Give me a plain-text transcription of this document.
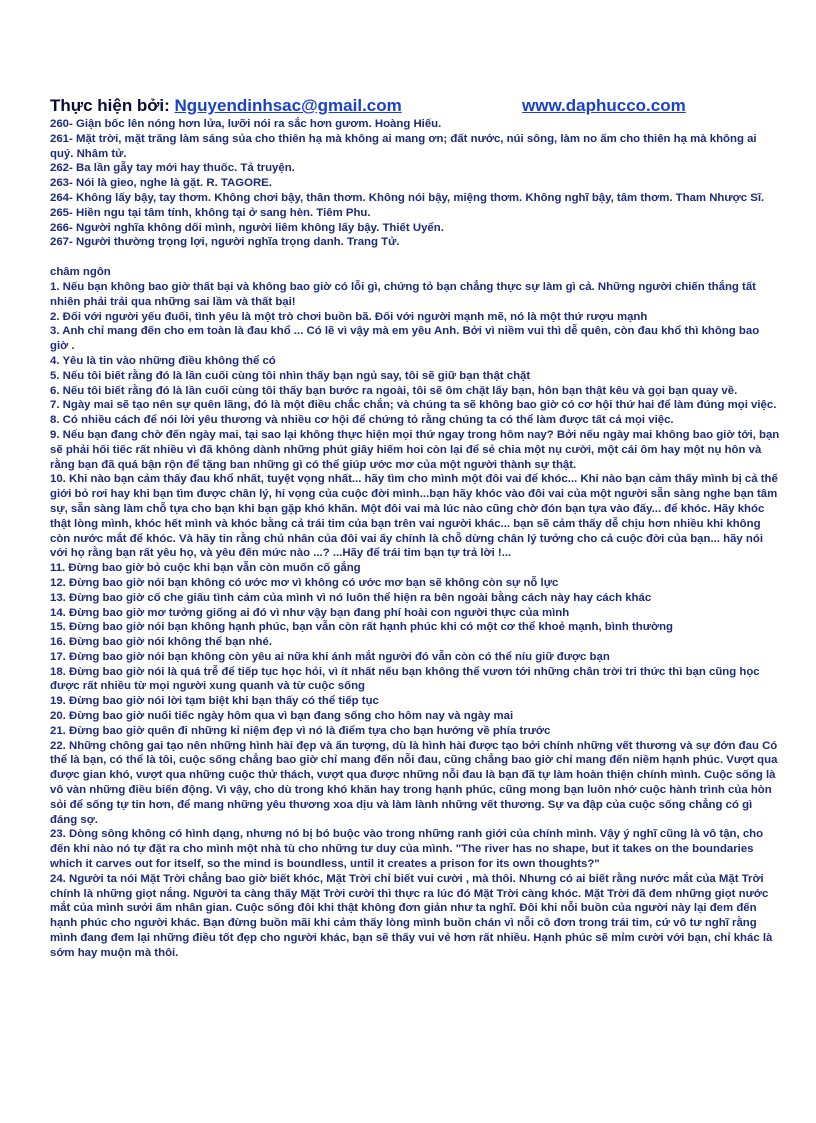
Thực hiện bởi: Nguyendinhsac@gmail.com	www.daphucco.com
260- Giận bốc lên nóng hơn lửa, lưỡi nói ra sắc hơn gươm. Hoàng Hiếu.
261- Mặt trời, mặt trăng làm sáng sủa cho thiên hạ mà không ai mang ơn; đất nước, núi sông, làm no ấm cho thiên hạ mà không ai quý. Nhâm tử.
262- Ba lần gẫy tay mới hay thuốc. Tả truyện.
263- Nói là gieo, nghe là gặt. R. TAGORE.
264- Không lấy bậy, tay thơm. Không chơi bậy, thân thơm. Không nói bậy, miệng thơm. Không nghĩ bậy, tâm thơm. Tham Nhược Sĩ.
265- Hiền ngu tại tâm tính, không tại ở sang hèn. Tiêm Phu.
266- Người nghĩa không dối mình, người liêm không lấy bậy. Thiết Uyển.
267- Người thường trọng lợi, người nghĩa trọng danh. Trang Tử.
châm ngôn
1. Nếu bạn không bao giờ thất bại và không bao giờ có lỗi gì, chứng tỏ bạn chẳng thực sự làm gì cả. Những người chiến thắng tất nhiên phải trải qua những sai lầm và thất bại!
2. Đối với người yếu đuối, tình yêu là một trò chơi buồn bã. Đối với người mạnh mẽ, nó là một thứ rượu mạnh
3. Anh chỉ mang đến cho em toàn là đau khổ ... Có lẽ vì vậy mà em yêu Anh. Bởi vì niềm vui thì dễ quên, còn đau khổ thì không bao giờ .
4. Yêu là tin vào những điều không thể có
5. Nếu tôi biết rằng đó là lần cuối cùng tôi nhìn thấy bạn ngủ say, tôi sẽ giữ bạn thật chặt
6. Nếu tôi biết rằng đó là lần cuối cùng tôi thấy bạn bước ra ngoài, tôi sẽ ôm chặt lấy bạn, hôn bạn thật kêu và gọi bạn quay về.
7. Ngày mai sẽ tạo nên sự quên lãng, đó là một điều chắc chắn; và chúng ta sẽ không bao giờ có cơ hội thứ hai để làm đúng mọi việc.
8. Có nhiều cách để nói lời yêu thương và nhiều cơ hội để chứng tỏ rằng chúng ta có thể làm được tất cả mọi việc.
9. Nếu bạn đang chờ đến ngày mai, tại sao lại không thực hiện mọi thứ ngay trong hôm nay? Bởi nếu ngày mai không bao giờ tới, bạn sẽ phải hối tiếc rất nhiều vì đã không dành những phút giây hiếm hoi còn lại để sẻ chia một nụ cười, một cái ôm hay một nụ hôn và rằng bạn đã quá bận rộn để tặng ban những gì có thể giúp ước mơ của một người thành sự thật.
10. Khi nào bạn cảm thấy đau khổ nhất, tuyệt vọng nhất... hãy tìm cho mình một đôi vai để khóc... Khi nào bạn cảm thấy mình bị cả thế giới bỏ rơi hay khi bạn tìm được chân lý, hi vọng của cuộc đời mình...bạn hãy khóc vào đôi vai của một người sẵn sàng nghe bạn tâm sự, sẵn sàng làm chỗ tựa cho bạn khi bạn gặp khó khăn. Một đôi vai mà lúc nào cũng chờ đón bạn tựa vào đấy... để khóc. Hãy khóc thật lòng mình, khóc hết mình và khóc bằng cả trái tim của bạn trên vai người khác... bạn sẽ cảm thấy dễ chịu hơn nhiều khi không còn nước mắt để khóc. Và hãy tin rằng chủ nhân của đôi vai ấy chính là chỗ dừng chân lý tưởng cho cả cuộc đời của bạn... hãy nói với họ rằng bạn rất yêu họ, và yêu đến mức nào ...? ...Hãy để trái tim bạn tự trả lời !...
11. Đừng bao giờ bỏ cuộc khi bạn vẫn còn muốn cố gắng
12. Đừng bao giờ nói bạn không có ước mơ vì không có ước mơ bạn sẽ không còn sự nỗ lực
13. Đừng bao giờ cố che giấu tình cảm của mình vì nó luôn thể hiện ra bên ngoài bằng cách này hay cách khác
14. Đừng bao giờ mơ tưởng giống ai đó vì như vậy bạn đang phí hoài con người thực của mình
15. Đừng bao giờ nói bạn không hạnh phúc, bạn vẫn còn rất hạnh phúc khi có một cơ thể khoẻ mạnh, bình thường
16. Đừng bao giờ nói không thể bạn nhé.
17. Đừng bao giờ nói bạn không còn yêu ai nữa khi ánh mắt người đó vẫn còn có thể níu giữ được bạn
18. Đừng bao giờ nói là quá trễ để tiếp tục học hỏi, vì ít nhất nếu bạn không thể vươn tới những chân trời tri thức thì bạn cũng học được rất nhiều từ mọi người xung quanh và từ cuộc sống
19. Đừng bao giờ nói lời tạm biệt khi bạn thấy có thể tiếp tục
20. Đừng bao giờ nuối tiếc ngày hôm qua vì bạn đang sống cho hôm nay và ngày mai
21. Đừng bao giờ quên đi những kỉ niệm đẹp vì nó là điểm tựa cho bạn hướng về phía trước
22. Những chông gai tạo nên những hình hài đẹp và ấn tượng, dù là hình hài được tạo bởi chính những vết thương và sự đớn đau Có thể là bạn, có thể là tôi, cuộc sống chẳng bao giờ chỉ mang đến nỗi đau, cũng chẳng bao giờ chỉ mang đến niềm hạnh phúc. Vượt qua được gian khó, vượt qua những cuộc thử thách, vượt qua được những nỗi đau là bạn đã tự làm hoàn thiện chính mình. Cuộc sống là vô vàn những điều biến động. Vì vậy, cho dù trong khó khăn hay trong hạnh phúc, cũng mong bạn luôn nhớ cuộc hành trình của hòn sỏi để sống tự tin hơn, để mang những yêu thương xoa dịu và làm lành những vết thương. Sự va đập của cuộc sống chẳng có gì đáng sợ.
23. Dòng sông không có hình dạng, nhưng nó bị bó buộc vào trong những ranh giới của chính mình. Vậy ý nghĩ cũng là vô tận, cho đến khi nào nó tự đặt ra cho mình một nhà tù cho những tư duy của mình. "The river has no shape, but it takes on the boundaries which it carves out for itself, so the mind is boundless, until it creates a prison for its own thoughts?"
24. Người ta nói Mặt Trời chẳng bao giờ biết khóc, Mặt Trời chỉ biết vui cười , mà thôi. Nhưng có ai biết rằng nước mắt của Mặt Trời chính là những giọt nắng. Người ta càng thấy Mặt Trời cười thì thực ra lúc đó Mặt Trời càng khóc. Mặt Trời đã đem những giọt nước mắt của mình sưởi ấm nhân gian. Cuộc sống đôi khi thật không đơn giản như ta nghĩ. Đôi khi nỗi buồn của người này lại đem đến hạnh phúc cho người khác. Bạn đừng buồn mãi khi cảm thấy lòng mình buồn chán vì nỗi cô đơn trong trái tim, cứ vô tư nghĩ rằng mình đang đem lại những điều tốt đẹp cho người khác, bạn sẽ thấy vui vẻ hơn rất nhiều. Hạnh phúc sẽ mỉm cười với bạn, chỉ khác là sớm hay muộn mà thôi.
